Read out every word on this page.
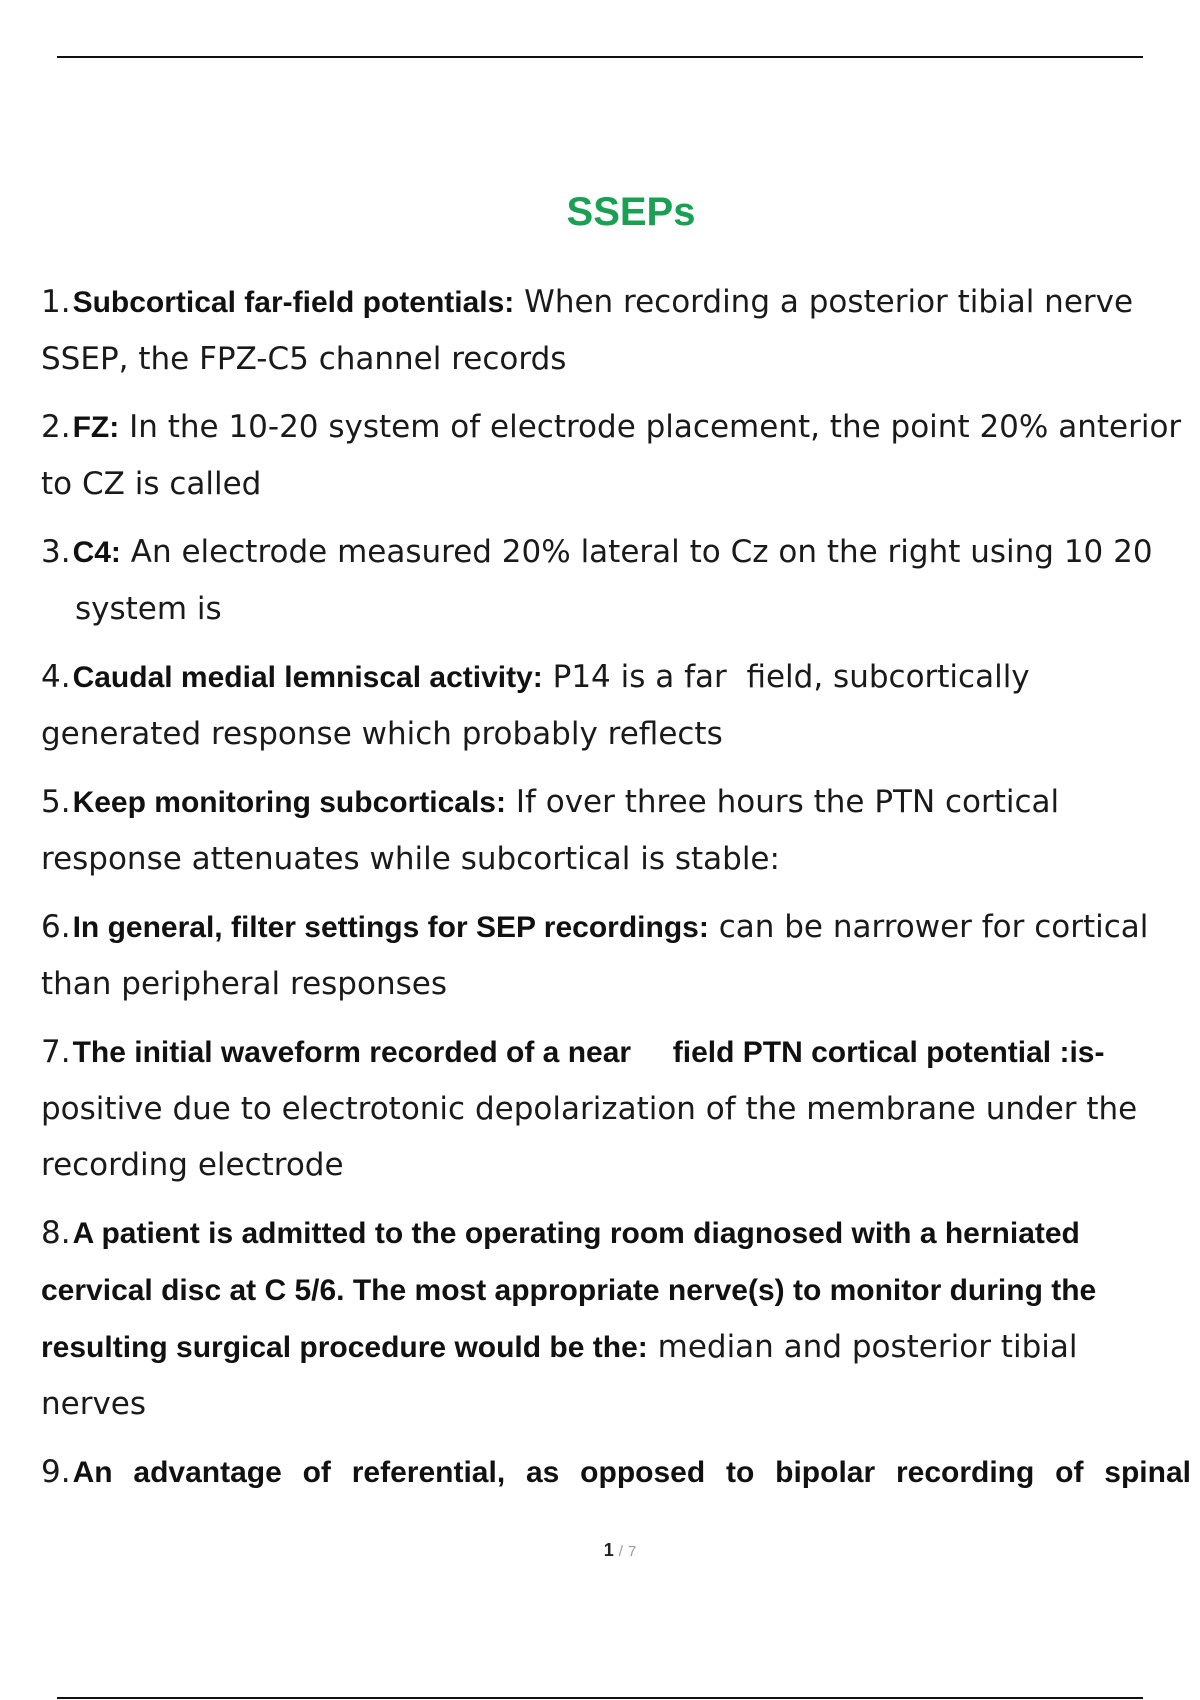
SSEPs
1.Subcortical far-field potentials: When recording a posterior tibial nerve SSEP, the FPZ-C5 channel records
2.FZ: In the 10-20 system of electrode placement, the point 20% anterior to CZ is called
3.C4: An electrode measured 20% lateral to Cz on the right using 10 20 system is
4.Caudal medial lemniscal activity: P14 is a far  field, subcortically generated response which probably reflects
5.Keep monitoring subcorticals: If over three hours the PTN cortical response attenuates while subcortical is stable:
6.In general, filter settings for SEP recordings: can be narrower for cortical than peripheral responses
7.The initial waveform recorded of a near     field PTN cortical potential :is- positive due to electrotonic depolarization of the membrane under the recording electrode
8.A patient is admitted to the operating room diagnosed with a herniated cervical disc at C 5/6. The most appropriate nerve(s) to monitor during the resulting surgical procedure would be the: median and posterior tibial nerves
9.An advantage of referential, as opposed to bipolar recording of spinal
1 / 7
